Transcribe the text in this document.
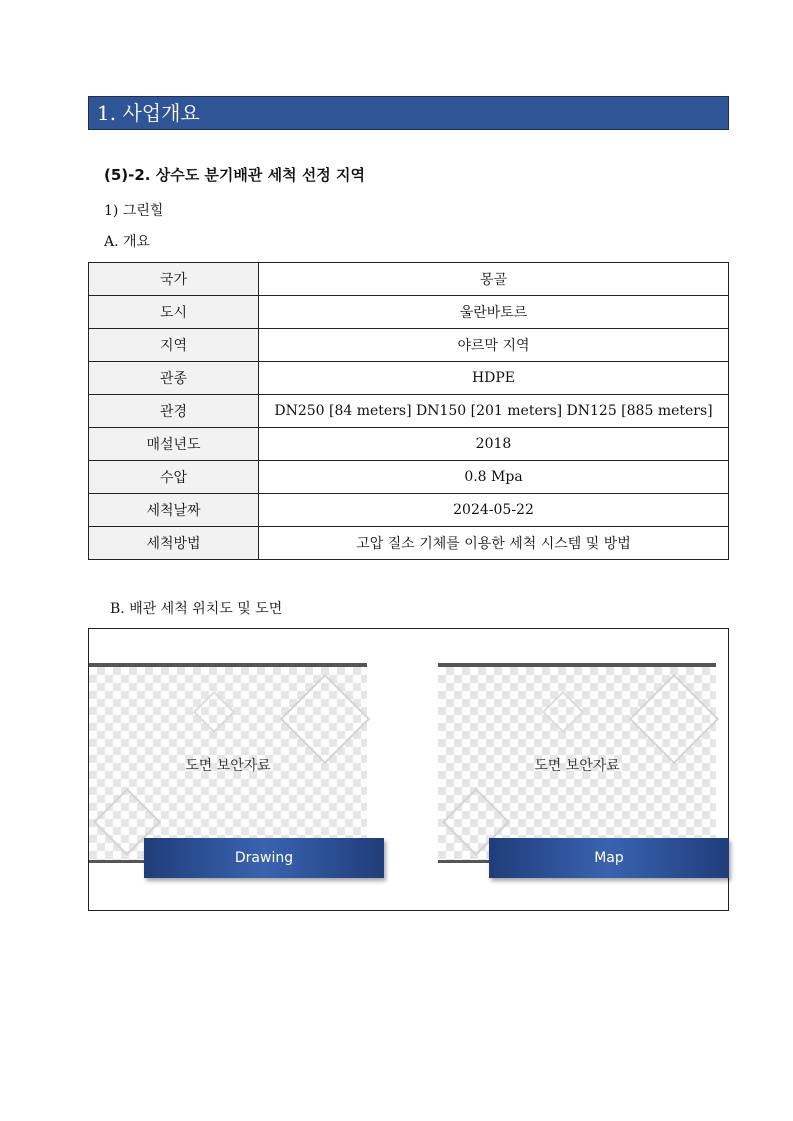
1. 사업개요
(5)-2. 상수도 분기배관 세척 선정 지역
1) 그린힐
A. 개요
국가	몽골
도시	울란바토르
지역	야르막 지역
관종	HDPE
관경	DN250 [84 meters] DN150 [201 meters] DN125 [885 meters]
매설년도	2018
수압	0.8 Mpa
세척날짜	2024-05-22
세척방법	고압 질소 기체를 이용한 세척 시스템 및 방법
B. 배관 세척 위치도 및 도면
도면 보안자료
Drawing
도면 보안자료
Map
